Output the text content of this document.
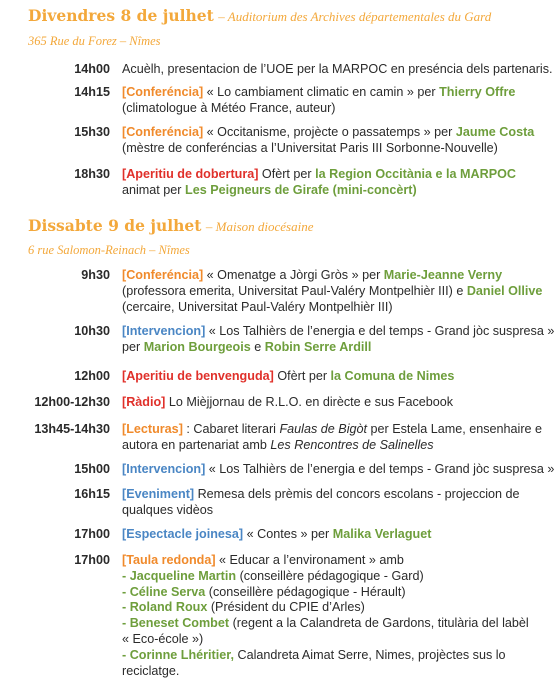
Divendres 8 de julhet – Auditorium des Archives départementales du Gard
365 Rue du Forez – Nîmes
Dissabte 9 de julhet – Maison diocésaine
6 rue Salomon-Reinach – Nîmes
14h00 Acuèlh, presentacion de l’UOE per la MARPOC en preséncia dels partenaris.
14h15 [Conferéncia] « Lo cambiament climatic en camin » per Thierry Offre
(climatologue à Météo France, auteur)
15h30 [Conferéncia] « Occitanisme, projècte o passatemps » per Jaume Costa
(mèstre de conferéncias a l’Universitat Paris III Sorbonne-Nouvelle)
18h30 [Aperitiu de dobertura] Ofèrt per la Region Occitània e la MARPOC
animat per Les Peigneurs de Girafe (mini-concèrt)
9h30 [Conferéncia] « Omenatge a Jòrgi Gròs » per Marie-Jeanne Verny
(professora emerita, Universitat Paul-Valéry Montpelhièr III) e Daniel Ollive
(cercaire, Universitat Paul-Valéry Montpelhièr III)
10h30 [Intervencion] « Los Talhièrs de l’energia e del temps - Grand jòc suspresa »
per Marion Bourgeois e Robin Serre Ardill
12h00 [Aperitiu de benvenguda] Ofèrt per la Comuna de Nimes
12h00-12h30 [Ràdio] Lo Mièjjornau de R.L.O. en dirècte e sus Facebook
13h45-14h30 [Lecturas] : Cabaret literari Faulas de Bigòt per Estela Lame, ensenhaire e
autora en partenariat amb Les Rencontres de Salinelles
15h00 [Intervencion] « Los Talhièrs de l’energia e del temps - Grand jòc suspresa »
16h15 [Eveniment] Remesa dels prèmis del concors escolans - projeccion de
qualques vidèos
17h00 [Espectacle joinesa] « Contes » per Malika Verlaguet
17h00 [Taula redonda] « Educar a l’environament » amb
- Jacqueline Martin (conseillère pédagogique - Gard)
- Céline Serva (conseillère pédagogique - Hérault)
- Roland Roux (Président du CPIE d’Arles)
- Beneset Combet (regent a la Calandreta de Gardons, titulària del labèl
« Eco-école »)
- Corinne Lhéritier, Calandreta Aimat Serre, Nimes, projèctes sus lo
reciclatge.
